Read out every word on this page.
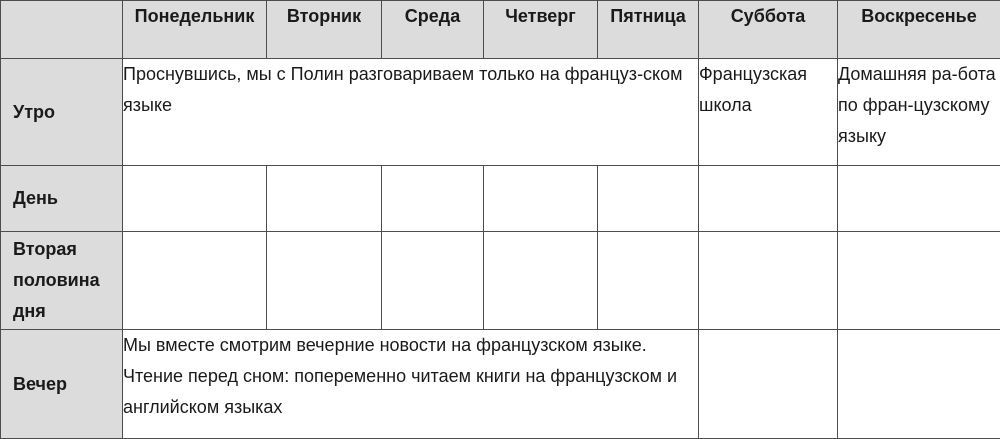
	Понедельник	Вторник	Среда	Четверг	Пятница	Суббота	Воскресенье
Утро	Проснувшись, мы с Полин разговариваем только на француз-ском языке					Французская школа	Домашняя ра-бота по фран-цузскому языку
День							
Вторая половина дня							
Вечер	Мы вместе смотрим вечерние новости на французском языке. Чтение перед сном: попеременно читаем книги на французском и английском языках						
